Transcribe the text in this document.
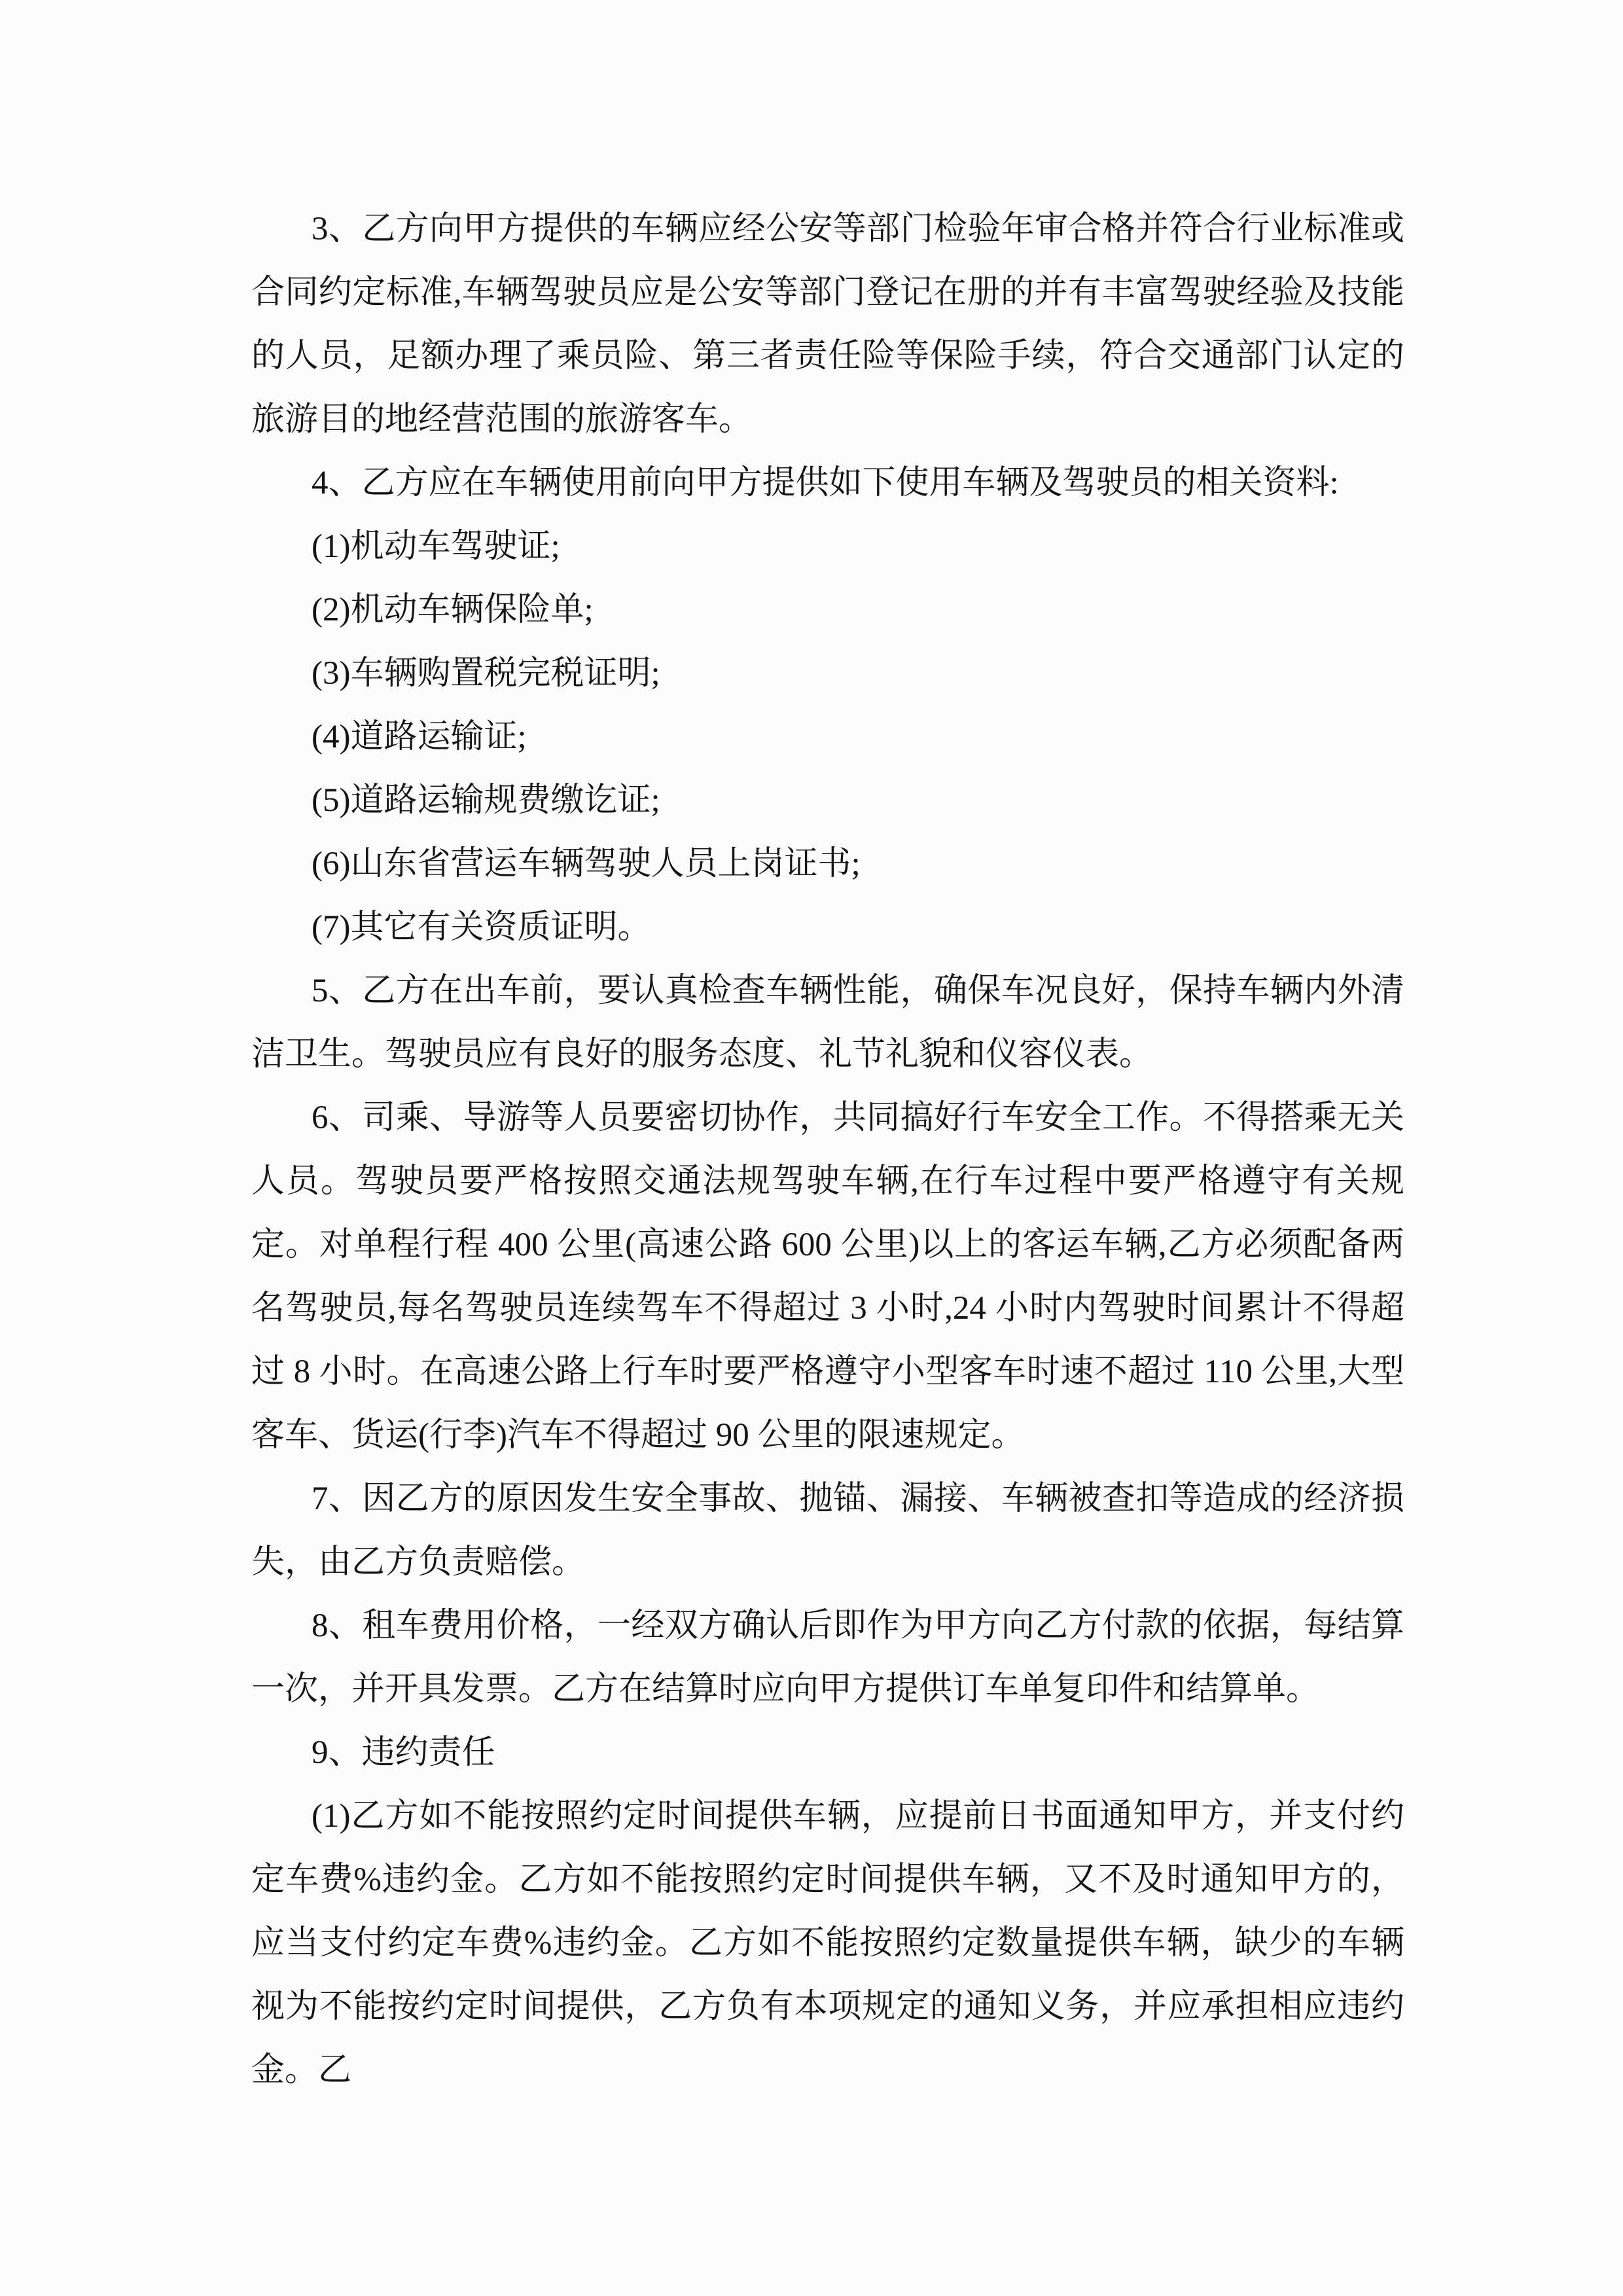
3、乙方向甲方提供的车辆应经公安等部门检验年审合格并符合行业标准或合同约定标准,车辆驾驶员应是公安等部门登记在册的并有丰富驾驶经验及技能的人员，足额办理了乘员险、第三者责任险等保险手续，符合交通部门认定的旅游目的地经营范围的旅游客车。

4、乙方应在车辆使用前向甲方提供如下使用车辆及驾驶员的相关资料:

(1)机动车驾驶证;

(2)机动车辆保险单;

(3)车辆购置税完税证明;

(4)道路运输证;

(5)道路运输规费缴讫证;

(6)山东省营运车辆驾驶人员上岗证书;

(7)其它有关资质证明。

5、乙方在出车前，要认真检查车辆性能，确保车况良好，保持车辆内外清洁卫生。驾驶员应有良好的服务态度、礼节礼貌和仪容仪表。

6、司乘、导游等人员要密切协作，共同搞好行车安全工作。不得搭乘无关人员。驾驶员要严格按照交通法规驾驶车辆,在行车过程中要严格遵守有关规定。对单程行程 400 公里(高速公路 600 公里)以上的客运车辆,乙方必须配备两名驾驶员,每名驾驶员连续驾车不得超过 3 小时,24 小时内驾驶时间累计不得超过 8 小时。在高速公路上行车时要严格遵守小型客车时速不超过 110 公里,大型客车、货运(行李)汽车不得超过 90 公里的限速规定。

7、因乙方的原因发生安全事故、抛锚、漏接、车辆被查扣等造成的经济损失，由乙方负责赔偿。

8、租车费用价格，一经双方确认后即作为甲方向乙方付款的依据，每结算一次，并开具发票。乙方在结算时应向甲方提供订车单复印件和结算单。

9、违约责任

(1)乙方如不能按照约定时间提供车辆，应提前日书面通知甲方，并支付约定车费%违约金。乙方如不能按照约定时间提供车辆，又不及时通知甲方的，应当支付约定车费%违约金。乙方如不能按照约定数量提供车辆，缺少的车辆视为不能按约定时间提供，乙方负有本项规定的通知义务，并应承担相应违约金。乙
